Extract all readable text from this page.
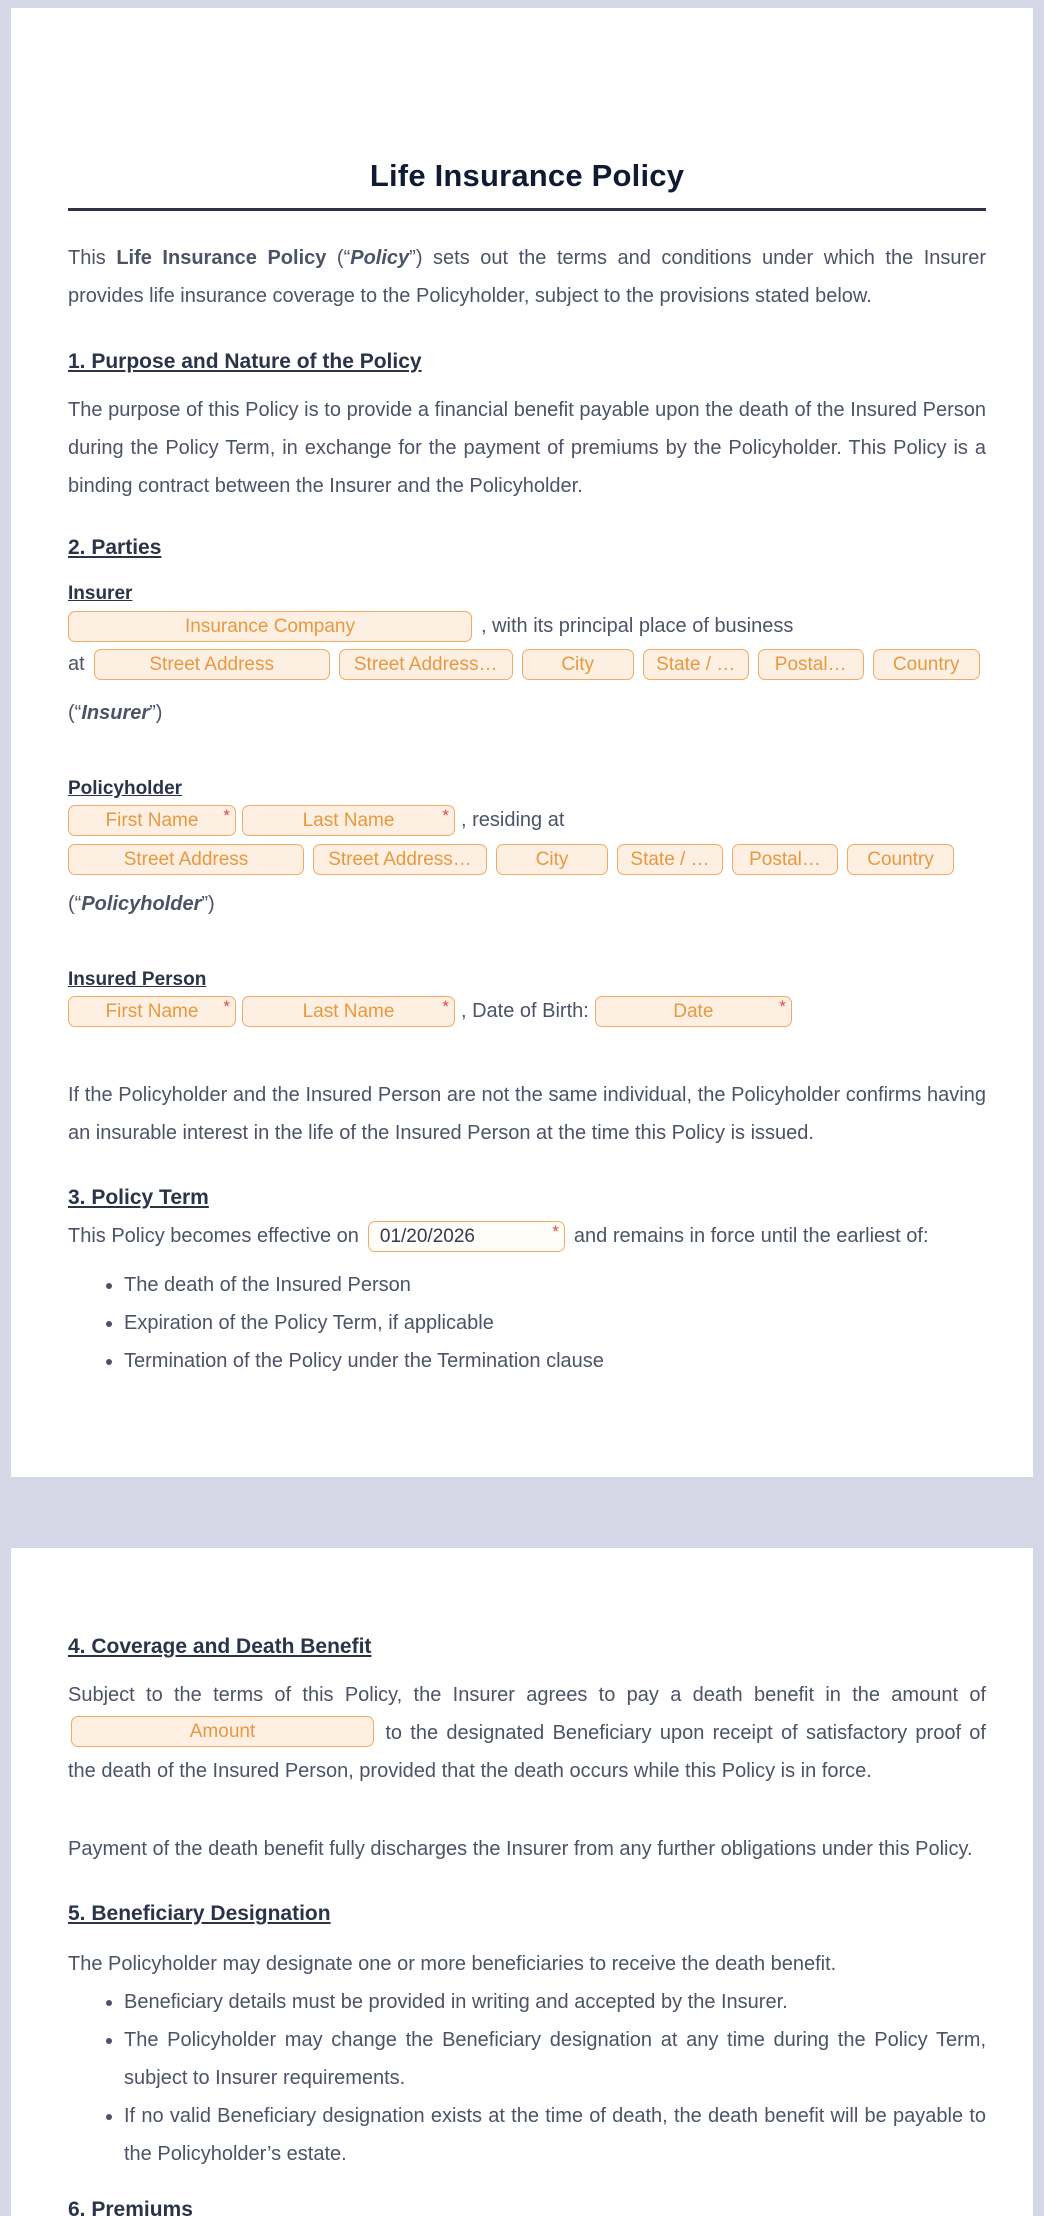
Life Insurance Policy

This Life Insurance Policy (“Policy”) sets out the terms and conditions under which the Insurer provides life insurance coverage to the Policyholder, subject to the provisions stated below.

1. Purpose and Nature of the Policy

The purpose of this Policy is to provide a financial benefit payable upon the death of the Insured Person during the Policy Term, in exchange for the payment of premiums by the Policyholder. This Policy is a binding contract between the Insurer and the Policyholder.

2. Parties
Insurer
Insurance Company	, with its principal place of business
at	Street Address	Street Address…	City	State / … Postal… Country

(“Insurer”)

Policyholder
First Name *	Last Name	* , residing at
Street Address	Street Address…	City	State / … Postal… Country

(“Policyholder”)

Insured Person
First Name *	Last Name	* , Date of Birth:	Date	*

If the Policyholder and the Insured Person are not the same individual, the Policyholder confirms having an insurable interest in the life of the Insured Person at the time this Policy is issued.

3. Policy Term
This Policy becomes effective on 01/20/2026	* and remains in force until the earliest of:
• The death of the Insured Person
• Expiration of the Policy Term, if applicable
• Termination of the Policy under the Termination clause
4. Coverage and Death Benefit

Subject to the terms of this Policy, the Insurer agrees to pay a death benefit in the amount of
Amount	to the designated Beneficiary upon receipt of satisfactory proof of the death of the Insured Person, provided that the death occurs while this Policy is in force.

Payment of the death benefit fully discharges the Insurer from any further obligations under this Policy.

5. Beneficiary Designation

The Policyholder may designate one or more beneficiaries to receive the death benefit.

• Beneficiary details must be provided in writing and accepted by the Insurer.
• The Policyholder may change the Beneficiary designation at any time during the Policy Term, subject to Insurer requirements.
• If no valid Beneficiary designation exists at the time of death, the death benefit will be payable to the Policyholder’s estate.
6. Premiums
